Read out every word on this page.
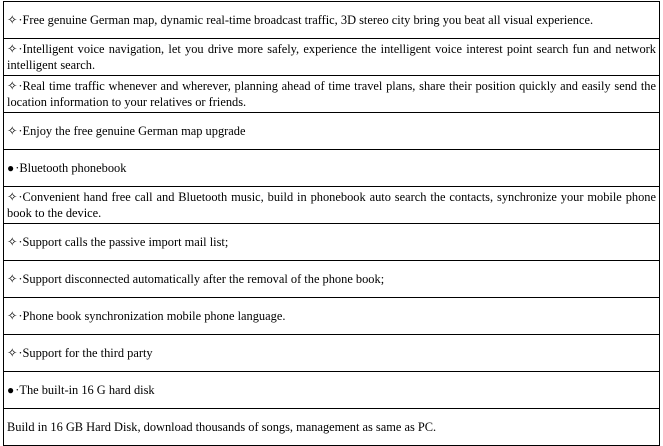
✧·Free genuine German map, dynamic real-time broadcast traffic, 3D stereo city bring you beat all visual experience.
✧·Intelligent voice navigation, let you drive more safely, experience the intelligent voice interest point search fun and network intelligent search.
✧·Real time traffic whenever and wherever, planning ahead of time travel plans, share their position quickly and easily send the location information to your relatives or friends.
✧·Enjoy the free genuine German map upgrade
●·Bluetooth phonebook
✧·Convenient hand free call and Bluetooth music, build in phonebook auto search the contacts, synchronize your mobile phone book to the device.
✧·Support calls the passive import mail list;
✧·Support disconnected automatically after the removal of the phone book;
✧·Phone book synchronization mobile phone language.
✧·Support for the third party
●·The built-in 16 G hard disk
Build in 16 GB Hard Disk, download thousands of songs, management as same as PC.
